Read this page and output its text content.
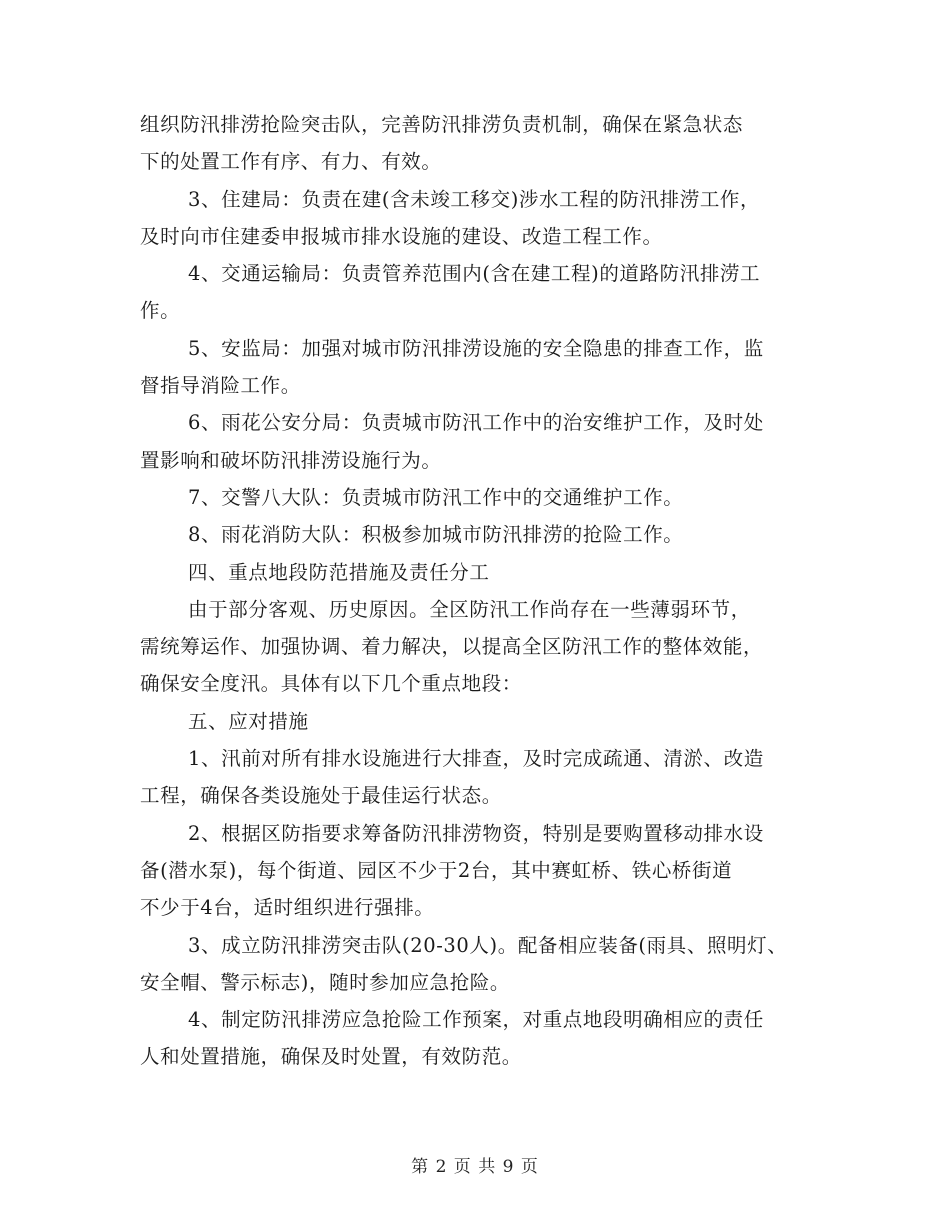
组织防汛排涝抢险突击队，完善防汛排涝负责机制，确保在紧急状态
下的处置工作有序、有力、有效。
3、住建局：负责在建(含未竣工移交)涉水工程的防汛排涝工作，
及时向市住建委申报城市排水设施的建设、改造工程工作。
4、交通运输局：负责管养范围内(含在建工程)的道路防汛排涝工
作。
5、安监局：加强对城市防汛排涝设施的安全隐患的排查工作，监
督指导消险工作。
6、雨花公安分局：负责城市防汛工作中的治安维护工作，及时处
置影响和破坏防汛排涝设施行为。
7、交警八大队：负责城市防汛工作中的交通维护工作。
8、雨花消防大队：积极参加城市防汛排涝的抢险工作。
四、重点地段防范措施及责任分工
由于部分客观、历史原因。全区防汛工作尚存在一些薄弱环节，
需统筹运作、加强协调、着力解决，以提高全区防汛工作的整体效能，
确保安全度汛。具体有以下几个重点地段：
五、应对措施
1、汛前对所有排水设施进行大排查，及时完成疏通、清淤、改造
工程，确保各类设施处于最佳运行状态。
2、根据区防指要求筹备防汛排涝物资，特别是要购置移动排水设
备(潜水泵)，每个街道、园区不少于2台，其中赛虹桥、铁心桥街道
不少于4台，适时组织进行强排。
3、成立防汛排涝突击队(20-30人)。配备相应装备(雨具、照明灯、
安全帽、警示标志)，随时参加应急抢险。
4、制定防汛排涝应急抢险工作预案，对重点地段明确相应的责任
人和处置措施，确保及时处置，有效防范。
第 2 页 共 9 页
